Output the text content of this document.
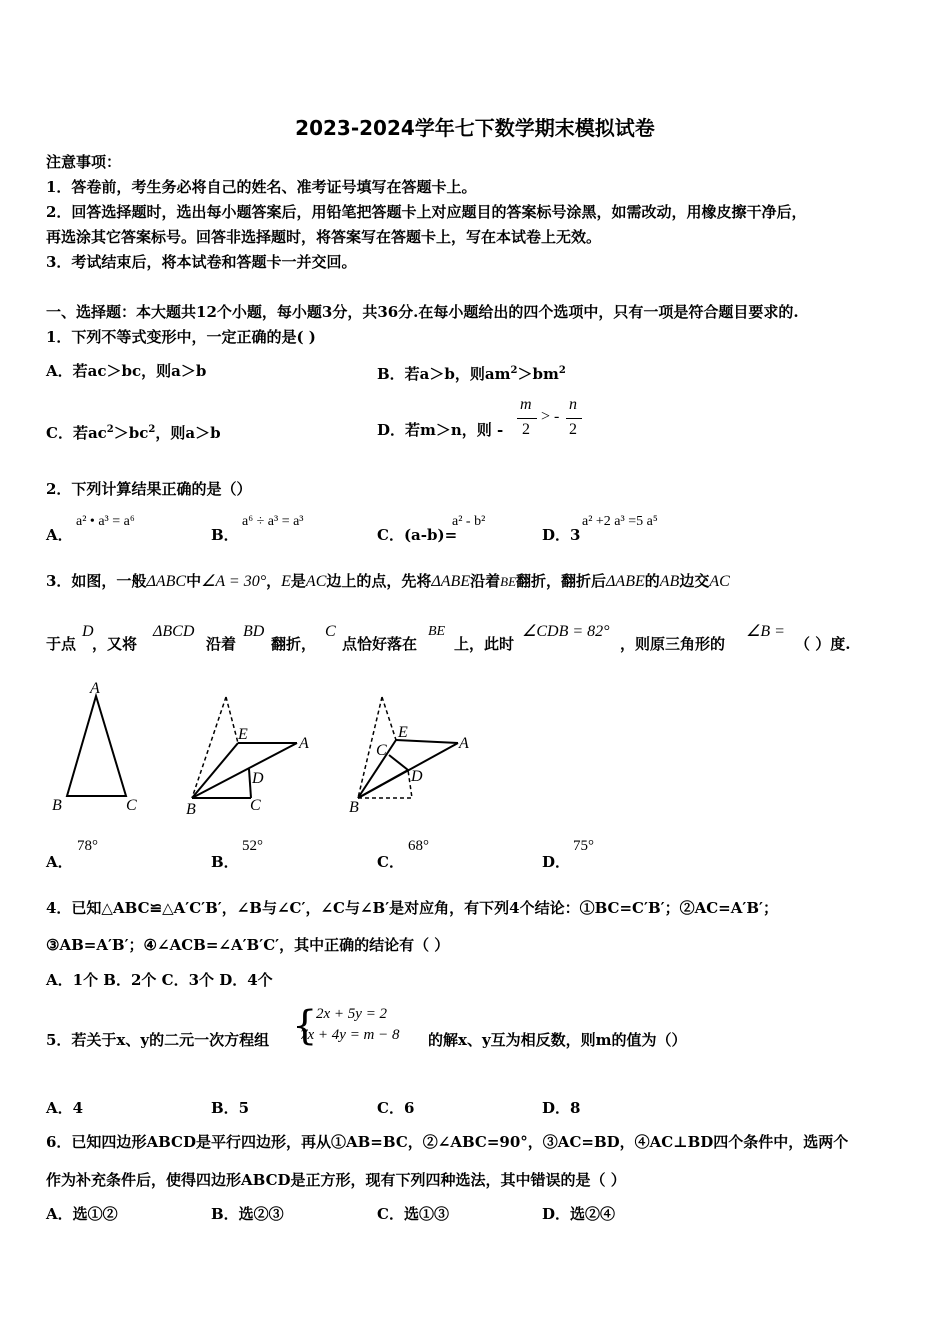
2023-2024学年七下数学期末模拟试卷
注意事项：
1．答卷前，考生务必将自己的姓名、准考证号填写在答题卡上。
2．回答选择题时，选出每小题答案后，用铅笔把答题卡上对应题目的答案标号涂黑，如需改动，用橡皮擦干净后，
再选涂其它答案标号。回答非选择题时，将答案写在答题卡上，写在本试卷上无效。
3．考试结束后，将本试卷和答题卡一并交回。
一、选择题：本大题共12个小题，每小题3分，共36分.在每小题给出的四个选项中，只有一项是符合题目要求的.
1．下列不等式变形中，一定正确的是( )
A．若ac＞bc，则a＞b	B．若a＞b，则$am^2>bm^2$
C．若$ac^2>bc^2$，则a＞b	D．若m＞n，则 -
m
2
> -
n
2
2．下列计算结果正确的是（）
A．
a² • a³ = a⁶
B．
a⁶ ÷ a³ = a³
C．(a-b)=
a² - b²
D．3
a² +2 a³ =5 a⁵
3．如图，一般ΔABC中∠A = 30°，E是AC边上的点，先将ΔABE沿着BE翻折，翻折后ΔABE的AB边交AC
于点
D
，又将
ΔBCD
沿着
BD
翻折，
C
点恰好落在
BE
上，此时
∠CDB = 82°
，则原三角形的
∠B =
（ ）度.
A
B	C
E
A
D
B	C
E
A
C
D
B
A．
78°
B．
52°
C．
68°
D．
75°
4．已知△ABC≌△A′C′B′，∠B与∠C′，∠C与∠B′是对应角，有下列4个结论：①BC=C′B′；②AC=A′B′；
③AB=A′B′；④∠ACB=∠A′B′C′，其中正确的结论有（ ）
A．1个 B．2个 C．3个 D．4个
5．若关于x、y的二元一次方程组 {
2x + 5y = 2
7x + 4y = m − 8 的解x、y互为相反数，则m的值为（）
A．4	B．5	C．6	D．8
6．已知四边形ABCD是平行四边形，再从①AB=BC，②∠ABC=90°，③AC=BD，④AC⊥BD四个条件中，选两个
作为补充条件后，使得四边形ABCD是正方形，现有下列四种选法，其中错误的是（ ）
A．选①②	B．选②③	C．选①③	D．选②④
